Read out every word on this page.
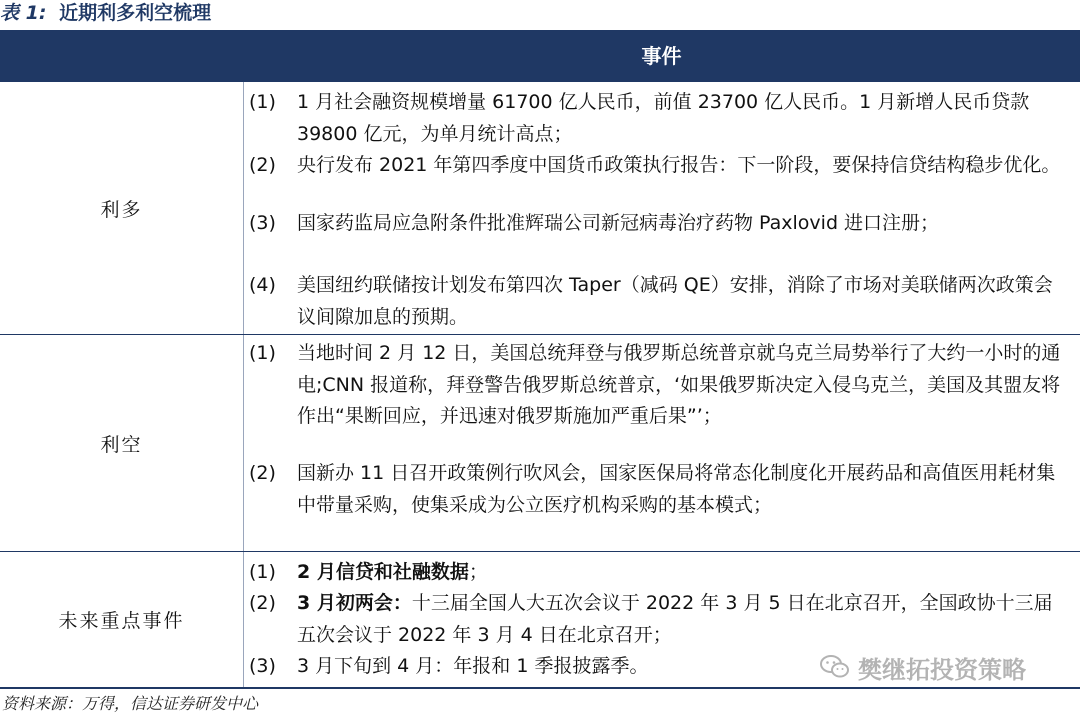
表 1: 近期利多利空梳理
事件
利多
(1)	1 月社会融资规模增量 61700 亿人民币，前值 23700 亿人民币。1 月新增人民币贷款 39800 亿元，为单月统计高点；
(2)	央行发布 2021 年第四季度中国货币政策执行报告：下一阶段，要保持信贷结构稳步优化。
(3)	国家药监局应急附条件批准辉瑞公司新冠病毒治疗药物 Paxlovid 进口注册；
(4)	美国纽约联储按计划发布第四次 Taper（减码 QE）安排，消除了市场对美联储两次政策会议间隙加息的预期。
利空
(1)	当地时间 2 月 12 日，美国总统拜登与俄罗斯总统普京就乌克兰局势举行了大约一小时的通电;CNN 报道称，拜登警告俄罗斯总统普京，‘如果俄罗斯决定入侵乌克兰，美国及其盟友将作出“果断回应，并迅速对俄罗斯施加严重后果”’；
(2)	国新办 11 日召开政策例行吹风会，国家医保局将常态化制度化开展药品和高值医用耗材集中带量采购，使集采成为公立医疗机构采购的基本模式；
未来重点事件
(1)	2 月信贷和社融数据；
(2)	3 月初两会：十三届全国人大五次会议于 2022 年 3 月 5 日在北京召开，全国政协十三届五次会议于 2022 年 3 月 4 日在北京召开；
(3)	3 月下旬到 4 月：年报和 1 季报披露季。	樊继拓投资策略
资料来源：万得，信达证券研发中心
